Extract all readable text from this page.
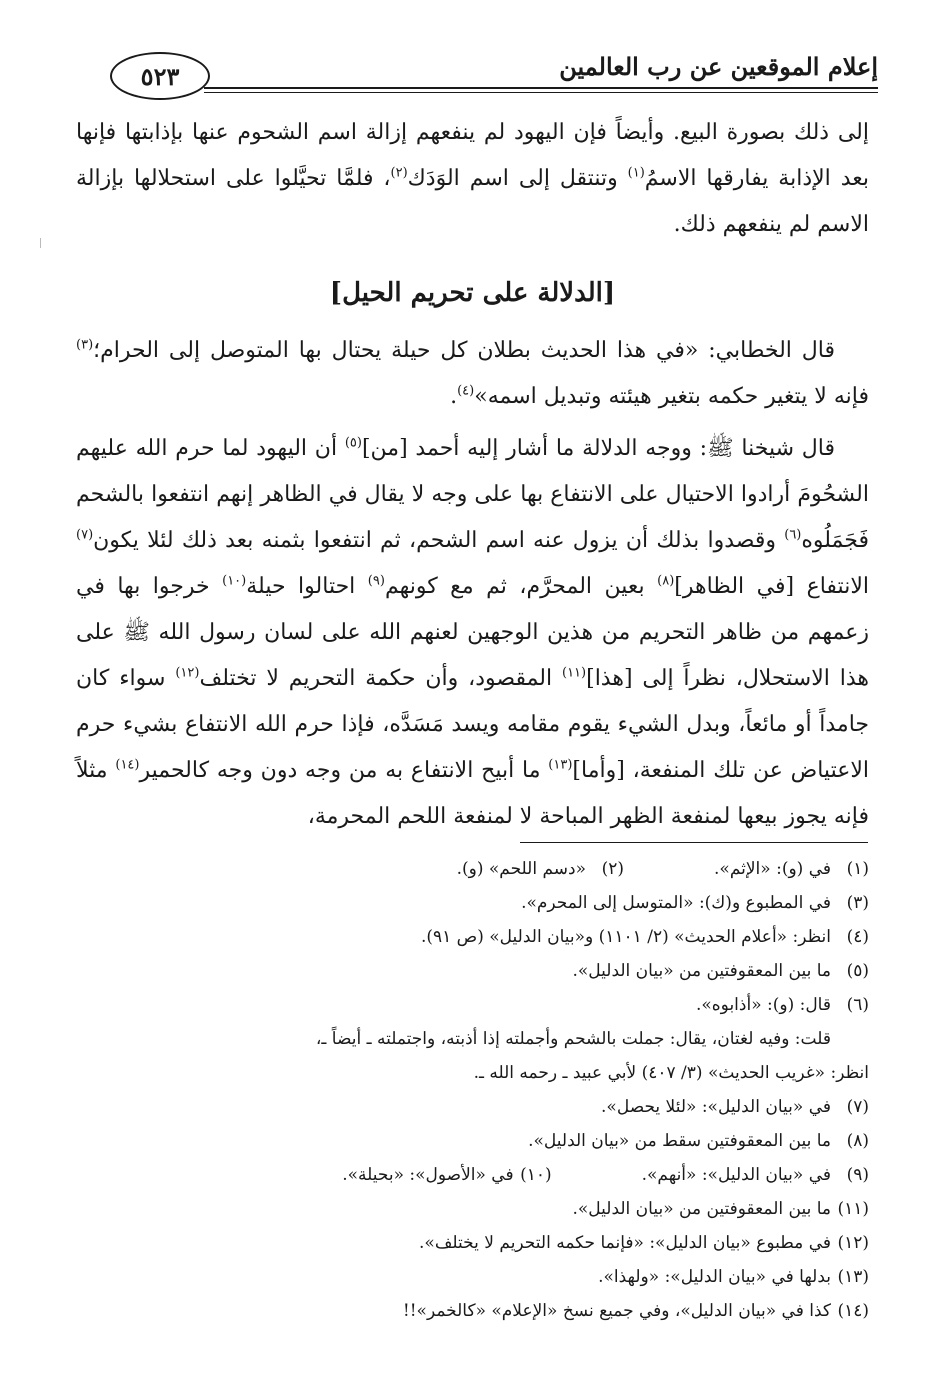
إعلام الموقعين عن رب العالمين
٥٢٣

إلى ذلك بصورة البيع. وأيضاً فإن اليهود لم ينفعهم إزالة اسم الشحوم عنها بإذابتها فإنها بعد الإذابة يفارقها الاسمُ$^{(١)}$ وتنتقل إلى اسم الوَدَك$^{(٢)}$، فلمَّا تحيَّلوا على استحلالها بإزالة الاسم لم ينفعهم ذلك.

[الدلالة على تحريم الحيل]

قال الخطابي: «في هذا الحديث بطلان كل حيلة يحتال بها المتوصل إلى الحرام؛$^{(٣)}$ فإنه لا يتغير حكمه بتغير هيئته وتبديل اسمه»$^{(٤)}$.

قال شيخنا ﷺ: ووجه الدلالة ما أشار إليه أحمد [من]$^{(٥)}$ أن اليهود لما حرم الله عليهم الشحُومَ أرادوا الاحتيال على الانتفاع بها على وجه لا يقال في الظاهر إنهم انتفعوا بالشحم فَجَمَلُوه$^{(٦)}$ وقصدوا بذلك أن يزول عنه اسم الشحم، ثم انتفعوا بثمنه بعد ذلك لئلا يكون$^{(٧)}$ الانتفاع [في الظاهر]$^{(٨)}$ بعين المحرَّم، ثم مع كونهم$^{(٩)}$ احتالوا حيلة$^{(١٠)}$ خرجوا بها في زعمهم من ظاهر التحريم من هذين الوجهين لعنهم الله على لسان رسول الله ﷺ على هذا الاستحلال، نظراً إلى [هذا]$^{(١١)}$ المقصود، وأن حكمة التحريم لا تختلف$^{(١٢)}$ سواء كان جامداً أو مائعاً، وبدل الشيء يقوم مقامه ويسد مَسَدَّه، فإذا حرم الله الانتفاع بشيء حرم الاعتياض عن تلك المنفعة، [وأما]$^{(١٣)}$ ما أبيح الانتفاع به من وجه دون وجه كالحمير$^{(١٤)}$ مثلاً فإنه يجوز بيعها لمنفعة الظهر المباحة لا لمنفعة اللحم المحرمة،

(١)في (و): «الإثم».

(٢)«دسم اللحم» (و).

(٣)في المطبوع و(ك): «المتوسل إلى المحرم».

(٤)انظر: «أعلام الحديث» (٢/ ١١٠١) و«بيان الدليل» (ص ٩١).

(٥)ما بين المعقوفتين من «بيان الدليل».

(٦)قال: (و): «أذابوه».

قلت: وفيه لغتان، يقال: جملت بالشحم وأجملته إذا أذبته، واجتملته ـ أيضاً ـ،

انظر: «غريب الحديث» (٣/ ٤٠٧) لأبي عبيد ـ رحمه الله ـ.

(٧)في «بيان الدليل»: «لئلا يحصل».

(٨)ما بين المعقوفتين سقط من «بيان الدليل».

(٩)في «بيان الدليل»: «أنهم».

(١٠)في «الأصول»: «بحيلة».

(١١)ما بين المعقوفتين من «بيان الدليل».

(١٢)في مطبوع «بيان الدليل»: «فإنما حكمه التحريم لا يختلف».

(١٣)بدلها في «بيان الدليل»: «ولهذا».

(١٤)كذا في «بيان الدليل»، وفي جميع نسخ «الإعلام» «كالخمر»!!
